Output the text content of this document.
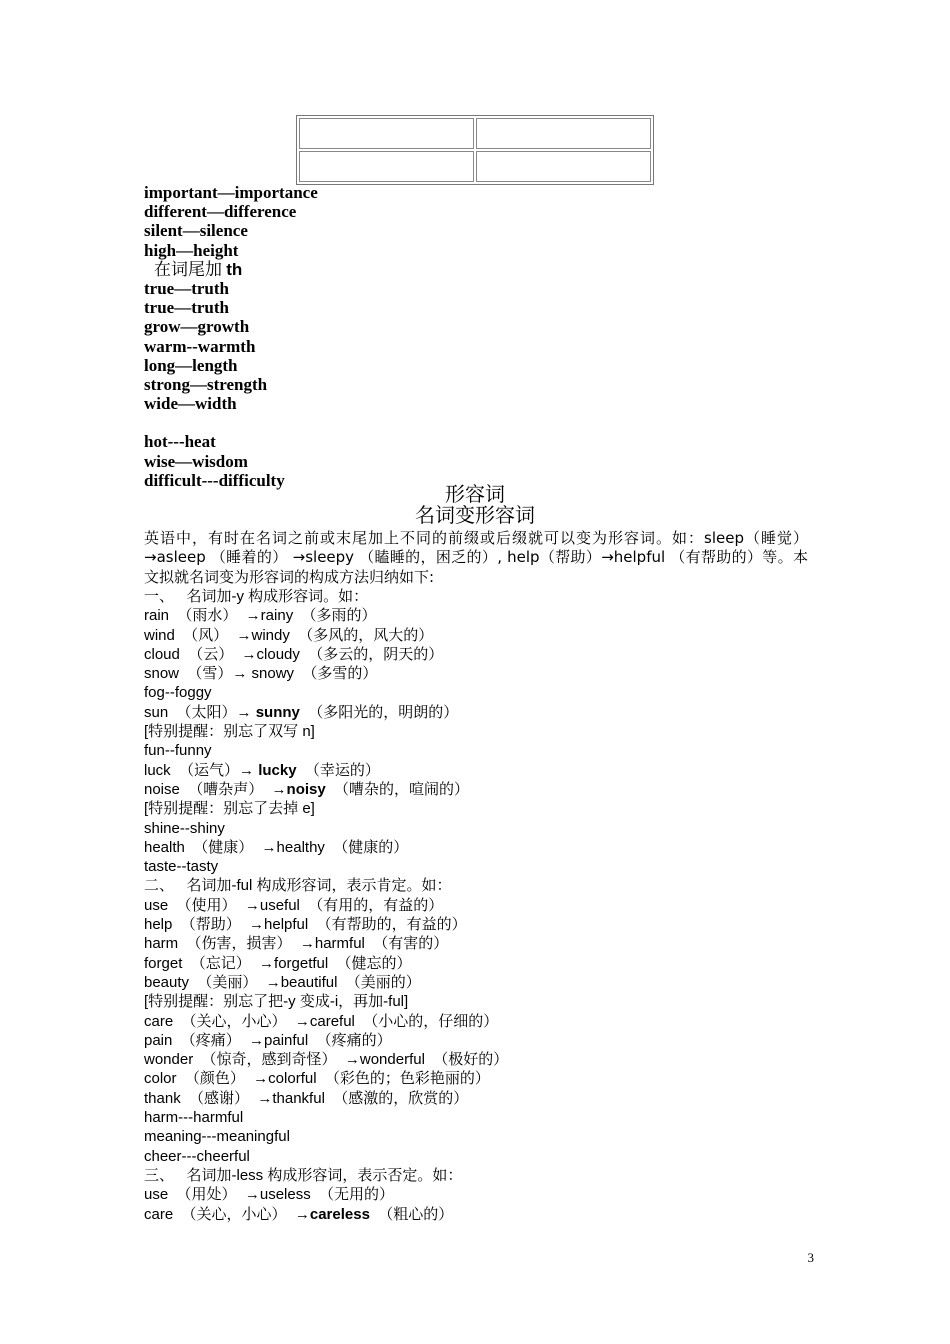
important—importance
different—difference
silent—silence
high—height
在词尾加 th
true—truth
true—truth
grow—growth
warm--warmth
long—length
strong—strength
wide—width
hot---heat
wise—wisdom
difficult---difficulty
形容词
名词变形容词
英语中，有时在名词之前或末尾加上不同的前缀或后缀就可以变为形容词。如：sleep（睡觉） →asleep （睡着的） →sleepy （瞌睡的，困乏的）, help（帮助）→helpful （有帮助的）等。本文拟就名词变为形容词的构成方法归纳如下:
一、   名词加-y 构成形容词。如：
rain  （雨水）  →rainy  （多雨的）
wind  （风）  →windy  （多风的，风大的）
cloud  （云）  →cloudy  （多云的，阴天的）
snow  （雪）→ snowy  （多雪的）
fog--foggy
sun  （太阳）→ sunny  （多阳光的，明朗的）
[特别提醒：别忘了双写 n]
fun--funny
luck  （运气）→ lucky  （幸运的）
noise  （嘈杂声）  →noisy  （嘈杂的，喧闹的）
[特别提醒：别忘了去掉 e]
shine--shiny
health  （健康）  →healthy  （健康的）
taste--tasty
二、   名词加-ful 构成形容词，表示肯定。如：
use  （使用）  →useful  （有用的，有益的）
help  （帮助）  →helpful  （有帮助的，有益的）
harm  （伤害，损害）  →harmful  （有害的）
forget  （忘记）  →forgetful  （健忘的）
beauty  （美丽）  →beautiful  （美丽的）
[特别提醒：别忘了把-y 变成-i，再加-ful]
care  （关心，小心）  →careful  （小心的，仔细的）
pain  （疼痛）  →painful  （疼痛的）
wonder  （惊奇，感到奇怪）  →wonderful  （极好的）
color  （颜色）  →colorful  （彩色的；色彩艳丽的）
thank  （感谢）  →thankful  （感激的，欣赏的）
harm---harmful
meaning---meaningful
cheer---cheerful
三、   名词加-less 构成形容词，表示否定。如：
use  （用处）  →useless  （无用的）
care  （关心，小心）  →careless  （粗心的）
3
